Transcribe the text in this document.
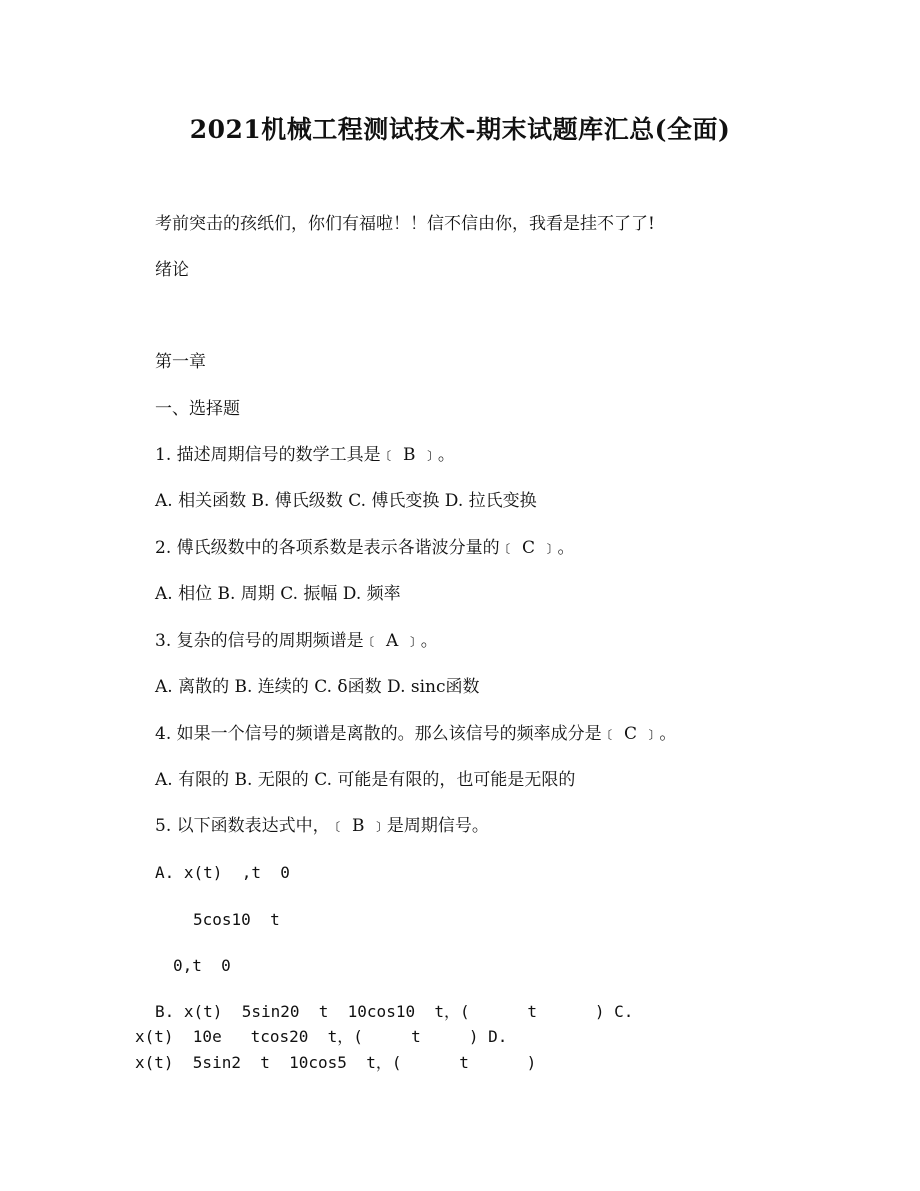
2021机械工程测试技术-期末试题库汇总(全面)
考前突击的孩纸们，你们有福啦！！信不信由你，我看是挂不了了!
绪论
第一章
一、选择题
1. 描述周期信号的数学工具是﹝ B ﹞。
A. 相关函数 B. 傅氏级数 C. 傅氏变换 D. 拉氏变换
2. 傅氏级数中的各项系数是表示各谐波分量的﹝ C ﹞。
A. 相位 B. 周期 C. 振幅 D. 频率
3. 复杂的信号的周期频谱是﹝ A ﹞。
A. 离散的 B. 连续的 C. δ函数 D. sinc函数
4. 如果一个信号的频谱是离散的。那么该信号的频率成分是﹝ C ﹞。
A. 有限的 B. 无限的 C. 可能是有限的，也可能是无限的
5. 以下函数表达式中，﹝ B ﹞是周期信号。
A. x(t)  ,t  0
5cos10  t
0,t  0
B. x(t)  5sin20  t  10cos10  t，(      t      ) C.
x(t)  10e   tcos20  t，(     t     ) D.
x(t)  5sin2  t  10cos5  t，(      t      )
